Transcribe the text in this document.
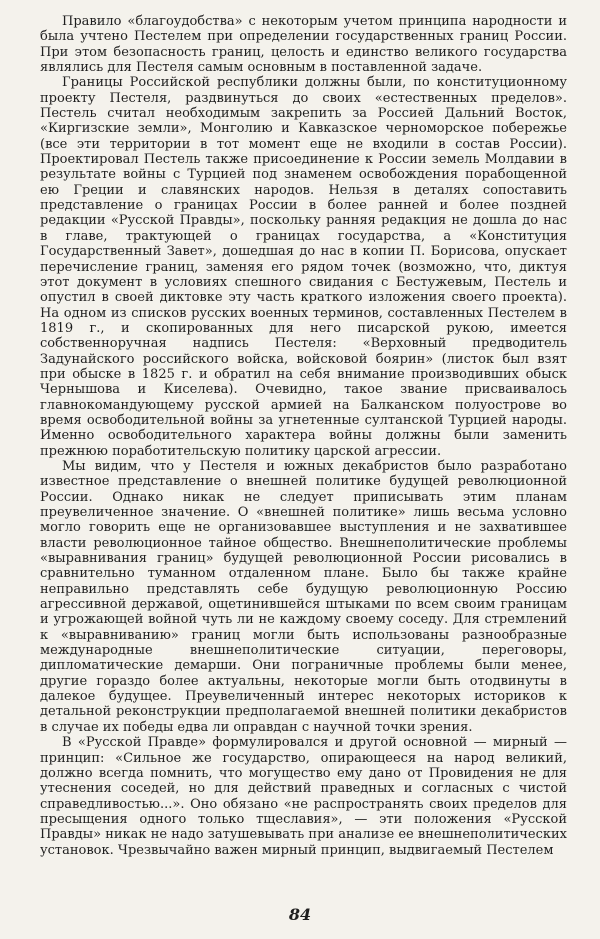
Правило «благоудобства» с некоторым учетом принципа народности и была учтено Пестелем при определении государственных границ России. При этом безопасность границ, целость и единство великого государства являлись для Пестеля самым основным в поставленной задаче.

Границы Российской республики должны были, по конституционному проекту Пестеля, раздвинуться до своих «естественных пределов». Пестель считал необходимым закрепить за Россией Дальний Восток, «Киргизские земли», Монголию и Кавказское черноморское побережье (все эти территории в тот момент еще не входили в состав России). Проектировал Пестель также присоединение к России земель Молдавии в результате войны с Турцией под знаменем освобождения порабощенной ею Греции и славянских народов. Нельзя в деталях сопоставить представление о границах России в более ранней и более поздней редакции «Русской Правды», поскольку ранняя редакция не дошла до нас в главе, трактующей о границах государства, а «Конституция Государственный Завет», дошедшая до нас в копии П. Борисова, опускает перечисление границ, заменяя его рядом точек (возможно, что, диктуя этот документ в условиях спешного свидания с Бестужевым, Пестель и опустил в своей диктовке эту часть краткого изложения своего проекта). На одном из списков русских военных терминов, составленных Пестелем в 1819 г., и скопированных для него писарской рукою, имеется собственноручная надпись Пестеля: «Верховный предводитель Задунайского российского войска, войсковой боярин» (листок был взят при обыске в 1825 г. и обратил на себя внимание производивших обыск Чернышова и Киселева). Очевидно, такое звание присваивалось главнокомандующему русской армией на Балканском полуострове во время освободительной войны за угнетенные султанской Турцией народы. Именно освободительного характера войны должны были заменить прежнюю поработительскую политику царской агрессии.

Мы видим, что у Пестеля и южных декабристов было разработано известное представление о внешней политике будущей революционной России. Однако никак не следует приписывать этим планам преувеличенное значение. О «внешней политике» лишь весьма условно могло говорить еще не организовавшее выступления и не захватившее власти революционное тайное общество. Внешнеполитические проблемы «выравнивания границ» будущей революционной России рисовались в сравнительно туманном отдаленном плане. Было бы также крайне неправильно представлять себе будущую революционную Россию агрессивной державой, ощетинившейся штыками по всем своим границам и угрожающей войной чуть ли не каждому своему соседу. Для стремлений к «выравниванию» границ могли быть использованы разнообразные международные внешнеполитические ситуации, переговоры, дипломатические демарши. Они пограничные проблемы были менее, другие гораздо более актуальны, некоторые могли быть отодвинуты в далекое будущее. Преувеличенный интерес некоторых историков к детальной реконструкции предполагаемой внешней политики декабристов в случае их победы едва ли оправдан с научной точки зрения.

В «Русской Правде» формулировался и другой основной — мирный — принцип: «Сильное же государство, опирающееся на народ великий, должно всегда помнить, что могущество ему дано от Провидения не для утеснения соседей, но для действий праведных и согласных с чистой справедливостью...». Оно обязано «не распространять своих пределов для пресыщения одного только тщеславия», — эти положения «Русской Правды» никак не надо затушевывать при анализе ее внешнеполитических установок. Чрезвычайно важен мирный принцип, выдвигаемый Пестелем

84
